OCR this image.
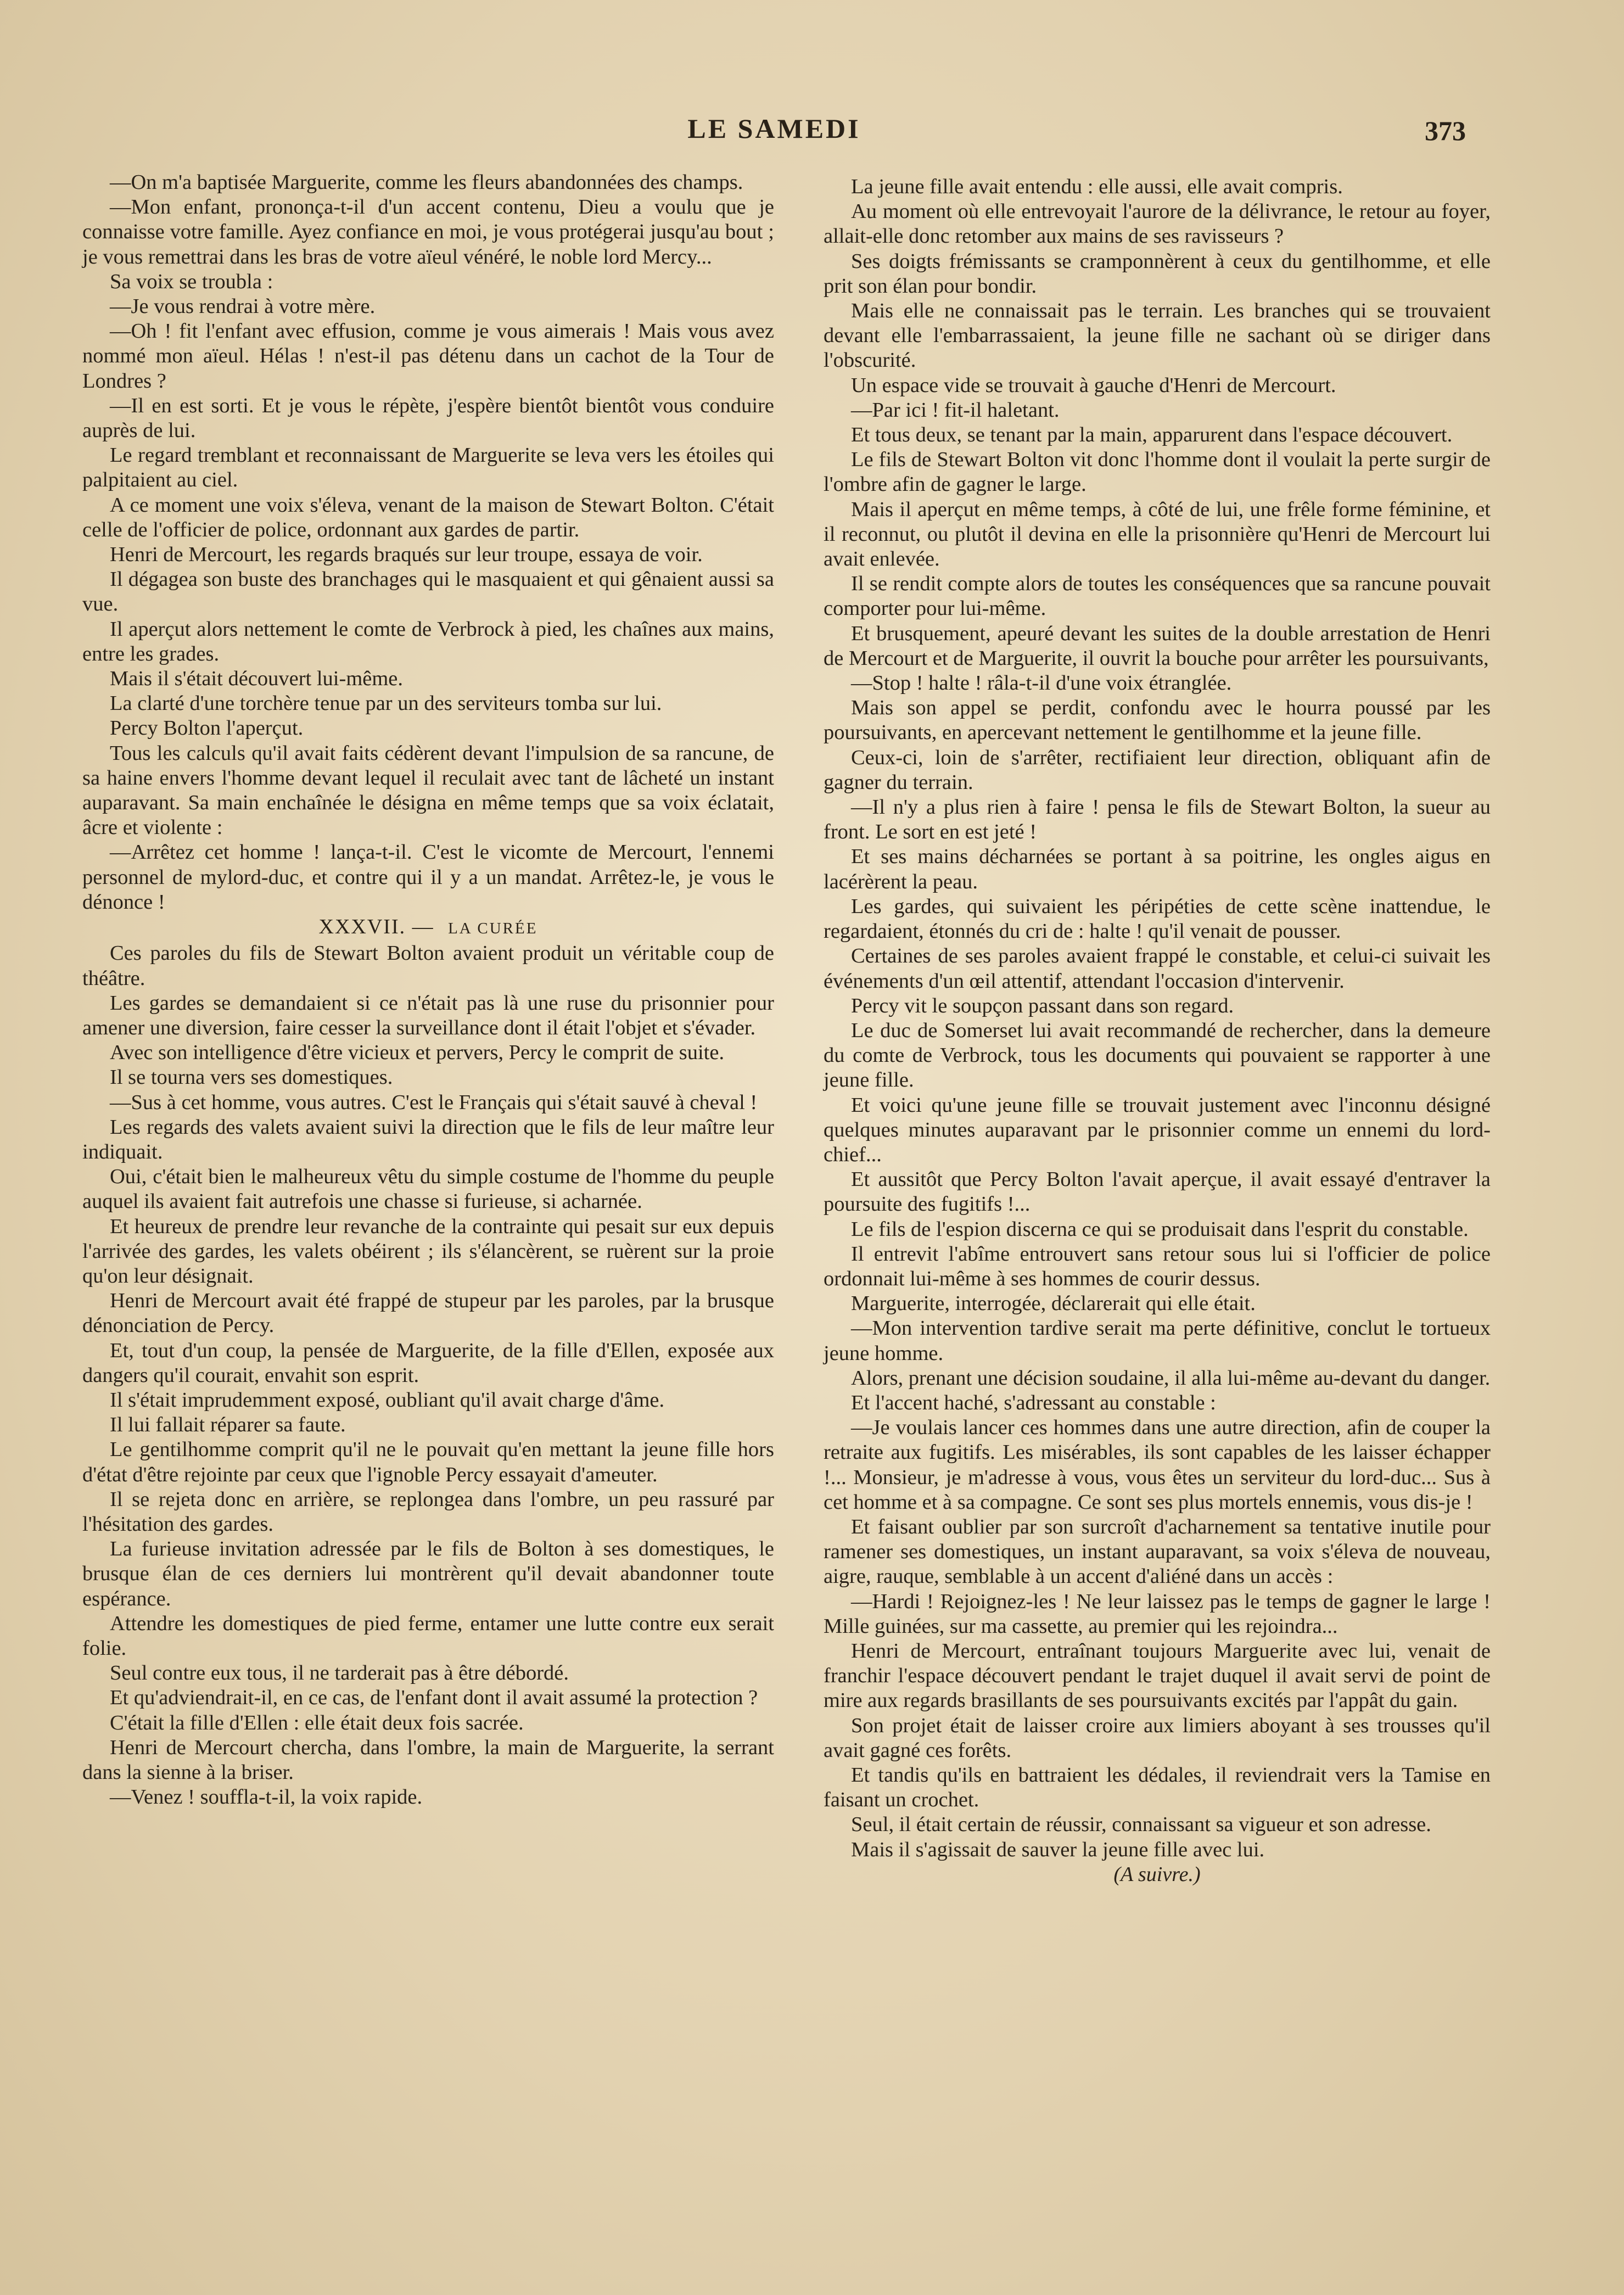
LE SAMEDI	373

—On m'a baptisée Marguerite, comme les fleurs abandonnées des champs.

—Mon enfant, prononça-t-il d'un accent contenu, Dieu a voulu que je connaisse votre famille. Ayez confiance en moi, je vous protégerai jusqu'au bout ; je vous remettrai dans les bras de votre aïeul vénéré, le noble lord Mercy...

Sa voix se troubla :

—Je vous rendrai à votre mère.

—Oh ! fit l'enfant avec effusion, comme je vous aimerais ! Mais vous avez nommé mon aïeul. Hélas ! n'est-il pas détenu dans un cachot de la Tour de Londres ?

—Il en est sorti. Et je vous le répète, j'espère bientôt bientôt vous conduire auprès de lui.

Le regard tremblant et reconnaissant de Marguerite se leva vers les étoiles qui palpitaient au ciel.

A ce moment une voix s'éleva, venant de la maison de Stewart Bolton. C'était celle de l'officier de police, ordonnant aux gardes de partir.

Henri de Mercourt, les regards braqués sur leur troupe, essaya de voir.

Il dégagea son buste des branchages qui le masquaient et qui gênaient aussi sa vue.

Il aperçut alors nettement le comte de Verbrock à pied, les chaînes aux mains, entre les grades.

Mais il s'était découvert lui-même.

La clarté d'une torchère tenue par un des serviteurs tomba sur lui.

Percy Bolton l'aperçut.

Tous les calculs qu'il avait faits cédèrent devant l'impulsion de sa rancune, de sa haine envers l'homme devant lequel il reculait avec tant de lâcheté un instant auparavant. Sa main enchaînée le désigna en même temps que sa voix éclatait, âcre et violente :

—Arrêtez cet homme ! lança-t-il. C'est le vicomte de Mercourt, l'ennemi personnel de mylord-duc, et contre qui il y a un mandat. Arrêtez-le, je vous le dénonce !

XXXVII. — LA CURÉE

Ces paroles du fils de Stewart Bolton avaient produit un véritable coup de théâtre.

Les gardes se demandaient si ce n'était pas là une ruse du prisonnier pour amener une diversion, faire cesser la surveillance dont il était l'objet et s'évader.

Avec son intelligence d'être vicieux et pervers, Percy le comprit de suite.

Il se tourna vers ses domestiques.

—Sus à cet homme, vous autres. C'est le Français qui s'était sauvé à cheval !

Les regards des valets avaient suivi la direction que le fils de leur maître leur indiquait.

Oui, c'était bien le malheureux vêtu du simple costume de l'homme du peuple auquel ils avaient fait autrefois une chasse si furieuse, si acharnée.

Et heureux de prendre leur revanche de la contrainte qui pesait sur eux depuis l'arrivée des gardes, les valets obéirent ; ils s'élancèrent, se ruèrent sur la proie qu'on leur désignait.

Henri de Mercourt avait été frappé de stupeur par les paroles, par la brusque dénonciation de Percy.

Et, tout d'un coup, la pensée de Marguerite, de la fille d'Ellen, exposée aux dangers qu'il courait, envahit son esprit.

Il s'était imprudemment exposé, oubliant qu'il avait charge d'âme.

Il lui fallait réparer sa faute.

Le gentilhomme comprit qu'il ne le pouvait qu'en mettant la jeune fille hors d'état d'être rejointe par ceux que l'ignoble Percy essayait d'ameuter.

Il se rejeta donc en arrière, se replongea dans l'ombre, un peu rassuré par l'hésitation des gardes.

La furieuse invitation adressée par le fils de Bolton à ses domestiques, le brusque élan de ces derniers lui montrèrent qu'il devait abandonner toute espérance.

Attendre les domestiques de pied ferme, entamer une lutte contre eux serait folie.

Seul contre eux tous, il ne tarderait pas à être débordé.

Et qu'adviendrait-il, en ce cas, de l'enfant dont il avait assumé la protection ?

C'était la fille d'Ellen : elle était deux fois sacrée.

Henri de Mercourt chercha, dans l'ombre, la main de Marguerite, la serrant dans la sienne à la briser.

—Venez ! souffla-t-il, la voix rapide.

La jeune fille avait entendu : elle aussi, elle avait compris.

Au moment où elle entrevoyait l'aurore de la délivrance, le retour au foyer, allait-elle donc retomber aux mains de ses ravisseurs ?

Ses doigts frémissants se cramponnèrent à ceux du gentilhomme, et elle prit son élan pour bondir.

Mais elle ne connaissait pas le terrain. Les branches qui se trouvaient devant elle l'embarrassaient, la jeune fille ne sachant où se diriger dans l'obscurité.

Un espace vide se trouvait à gauche d'Henri de Mercourt.

—Par ici ! fit-il haletant.

Et tous deux, se tenant par la main, apparurent dans l'espace découvert.

Le fils de Stewart Bolton vit donc l'homme dont il voulait la perte surgir de l'ombre afin de gagner le large.

Mais il aperçut en même temps, à côté de lui, une frêle forme féminine, et il reconnut, ou plutôt il devina en elle la prisonnière qu'Henri de Mercourt lui avait enlevée.

Il se rendit compte alors de toutes les conséquences que sa rancune pouvait comporter pour lui-même.

Et brusquement, apeuré devant les suites de la double arrestation de Henri de Mercourt et de Marguerite, il ouvrit la bouche pour arrêter les poursuivants,

—Stop ! halte ! râla-t-il d'une voix étranglée.

Mais son appel se perdit, confondu avec le hourra poussé par les poursuivants, en apercevant nettement le gentilhomme et la jeune fille.

Ceux-ci, loin de s'arrêter, rectifiaient leur direction, obliquant afin de gagner du terrain.

—Il n'y a plus rien à faire ! pensa le fils de Stewart Bolton, la sueur au front. Le sort en est jeté !

Et ses mains décharnées se portant à sa poitrine, les ongles aigus en lacérèrent la peau.

Les gardes, qui suivaient les péripéties de cette scène inattendue, le regardaient, étonnés du cri de : halte ! qu'il venait de pousser.

Certaines de ses paroles avaient frappé le constable, et celui-ci suivait les événements d'un œil attentif, attendant l'occasion d'intervenir.

Percy vit le soupçon passant dans son regard.

Le duc de Somerset lui avait recommandé de rechercher, dans la demeure du comte de Verbrock, tous les documents qui pouvaient se rapporter à une jeune fille.

Et voici qu'une jeune fille se trouvait justement avec l'inconnu désigné quelques minutes auparavant par le prisonnier comme un ennemi du lord-chief...

Et aussitôt que Percy Bolton l'avait aperçue, il avait essayé d'entraver la poursuite des fugitifs !...

Le fils de l'espion discerna ce qui se produisait dans l'esprit du constable.

Il entrevit l'abîme entrouvert sans retour sous lui si l'officier de police ordonnait lui-même à ses hommes de courir dessus.

Marguerite, interrogée, déclarerait qui elle était.

—Mon intervention tardive serait ma perte définitive, conclut le tortueux jeune homme.

Alors, prenant une décision soudaine, il alla lui-même au-devant du danger.

Et l'accent haché, s'adressant au constable :

—Je voulais lancer ces hommes dans une autre direction, afin de couper la retraite aux fugitifs. Les misérables, ils sont capables de les laisser échapper !... Monsieur, je m'adresse à vous, vous êtes un serviteur du lord-duc... Sus à cet homme et à sa compagne. Ce sont ses plus mortels ennemis, vous dis-je !

Et faisant oublier par son surcroît d'acharnement sa tentative inutile pour ramener ses domestiques, un instant auparavant, sa voix s'éleva de nouveau, aigre, rauque, semblable à un accent d'aliéné dans un accès :

—Hardi ! Rejoignez-les ! Ne leur laissez pas le temps de gagner le large ! Mille guinées, sur ma cassette, au premier qui les rejoindra...

Henri de Mercourt, entraînant toujours Marguerite avec lui, venait de franchir l'espace découvert pendant le trajet duquel il avait servi de point de mire aux regards brasillants de ses poursuivants excités par l'appât du gain.

Son projet était de laisser croire aux limiers aboyant à ses trousses qu'il avait gagné ces forêts.

Et tandis qu'ils en battraient les dédales, il reviendrait vers la Tamise en faisant un crochet.

Seul, il était certain de réussir, connaissant sa vigueur et son adresse.

Mais il s'agissait de sauver la jeune fille avec lui.

(A suivre.)
